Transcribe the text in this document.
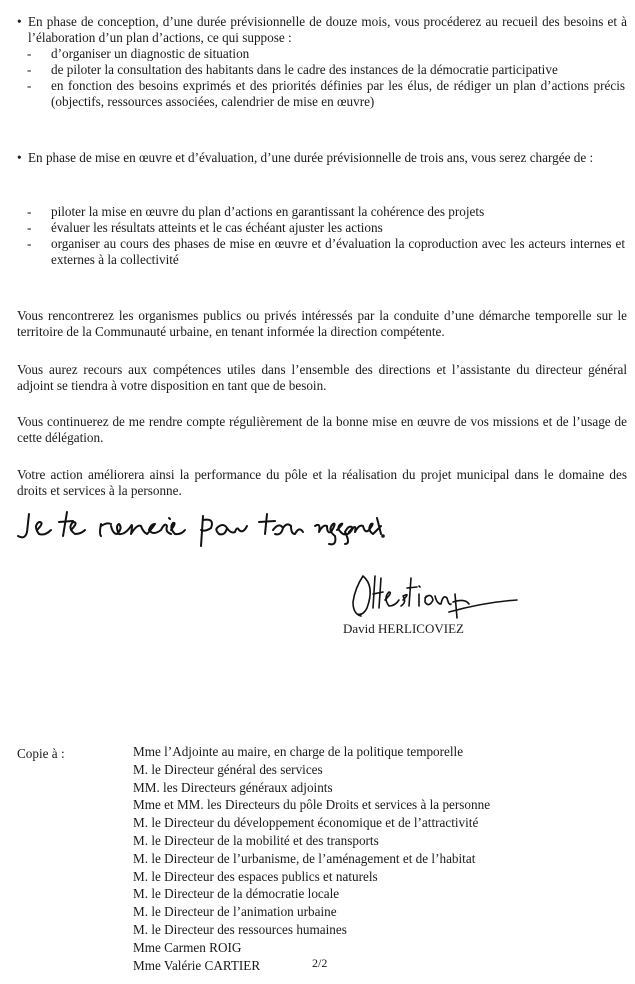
• En phase de conception, d’une durée prévisionnelle de douze mois, vous procéderez au recueil des besoins et à l’élaboration d’un plan d’actions, ce qui suppose :
- d’organiser un diagnostic de situation
- de piloter la consultation des habitants dans le cadre des instances de la démocratie participative
- en fonction des besoins exprimés et des priorités définies par les élus, de rédiger un plan d’actions précis (objectifs, ressources associées, calendrier de mise en œuvre)
• En phase de mise en œuvre et d’évaluation, d’une durée prévisionnelle de trois ans, vous serez chargée de :
- piloter la mise en œuvre du plan d’actions en garantissant la cohérence des projets
- évaluer les résultats atteints et le cas échéant ajuster les actions
- organiser au cours des phases de mise en œuvre et d’évaluation la coproduction avec les acteurs internes et externes à la collectivité
Vous rencontrerez les organismes publics ou privés intéressés par la conduite d’une démarche temporelle sur le territoire de la Communauté urbaine, en tenant informée la direction compétente.
Vous aurez recours aux compétences utiles dans l’ensemble des directions et l’assistante du directeur général adjoint se tiendra à votre disposition en tant que de besoin.
Vous continuerez de me rendre compte régulièrement de la bonne mise en œuvre de vos missions et de l’usage de cette délégation.
Votre action améliorera ainsi la performance du pôle et la réalisation du projet municipal dans le domaine des droits et services à la personne.
David HERLICOVIEZ
Copie à :	Mme l’Adjointe au maire, en charge de la politique temporelle
M. le Directeur général des services
MM. les Directeurs généraux adjoints
Mme et MM. les Directeurs du pôle Droits et services à la personne
M. le Directeur du développement économique et de l’attractivité
M. le Directeur de la mobilité et des transports
M. le Directeur de l’urbanisme, de l’aménagement et de l’habitat
M. le Directeur des espaces publics et naturels
M. le Directeur de la démocratie locale
M. le Directeur de l’animation urbaine
M. le Directeur des ressources humaines
Mme Carmen ROIG
Mme Valérie CARTIER	2/2
